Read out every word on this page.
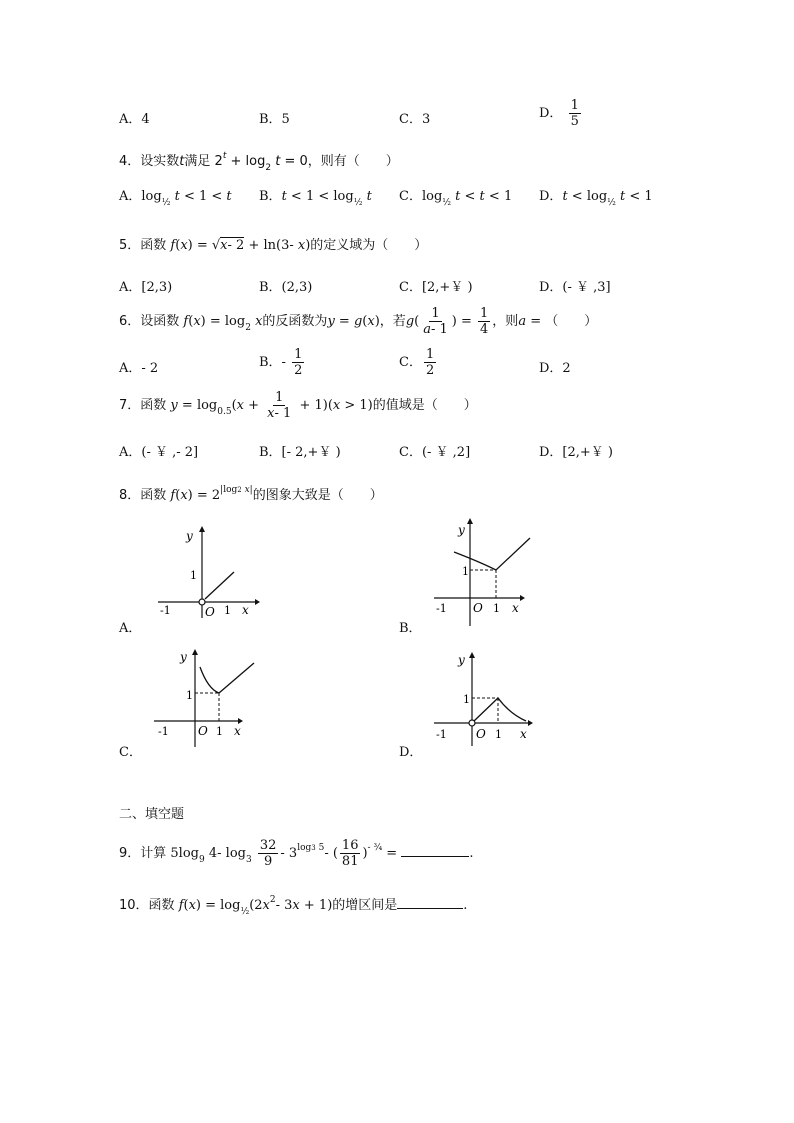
A．4	B．5	C．3	D． $\frac{1}{5}$
4．设实数t满足 $2^t + \log_2 t = 0$，则有（　　）
A．$\log_{\frac{1}{2}} t < 1 < t$ B．$t < 1 < \log_{\frac{1}{2}} t$ C．$\log_{\frac{1}{2}} t < t < 1$ D．$t < \log_{\frac{1}{2}} t < 1$
5．函数 f(x) = √x- 2 + ln(3- x)的定义域为（　　）
A．[2,3)	B．(2,3)	C．[2,+￥ )	D．(- ￥ ,3]
6．设函数 $f(x) = \log_2 x$的反函数为y = g(x)，若$g( \frac{1}{a- 1}$ ) = $\frac{1}{4}$ ，则a = （　　）
A．- 2	B．- $\frac{1}{2}$	C． $\frac{1}{2}$	D．2
7．函数 $y = \log_{0.5}(x + \frac{1}{x- 1} + 1)(x > 1)$的值域是（　　）
A．(- ￥ ,- 2]	B．[- 2,+￥ )	C．(- ￥ ,2]	D．[2,+￥ )
8．函数 $f(x) = 2^{|log2 x|}$的图象大致是（　　）
A．
y
1
-1	O 1 x
B．
y
1
-1 O 1 x
C．
y
1
-1 O 1 x
D．
y
1
-1 O 1 x
二、填空题
9．计算 $5\log_9$ 4- $\log_3 \frac{32}{9} - 3^{log3 5}-$ ( $\frac{16}{81} )^{- \frac{3}{4}}$ =	.
10．函数 $f(x) = \log_{\frac{1}{2}}(2x^2-$ 3x + 1)的增区间是	.
